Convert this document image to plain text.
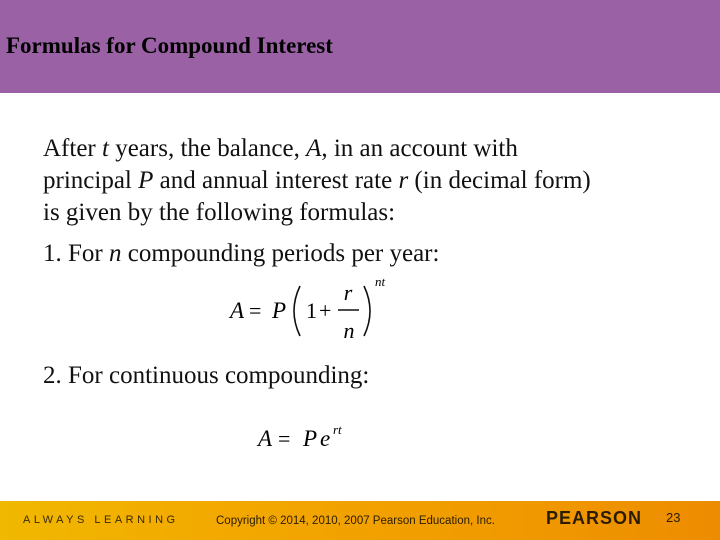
Formulas for Compound Interest

After t years, the balance, A, in an account with

principal P and annual interest rate r (in decimal form)

is given by the following formulas:

1. For n compounding periods per year:
A = P 1 +
r
n
nt
2. For continuous compounding:
A = P e rt
ALWAYS LEARNING	Copyright © 2014, 2010, 2007 Pearson Education, Inc.	PEARSON 23
